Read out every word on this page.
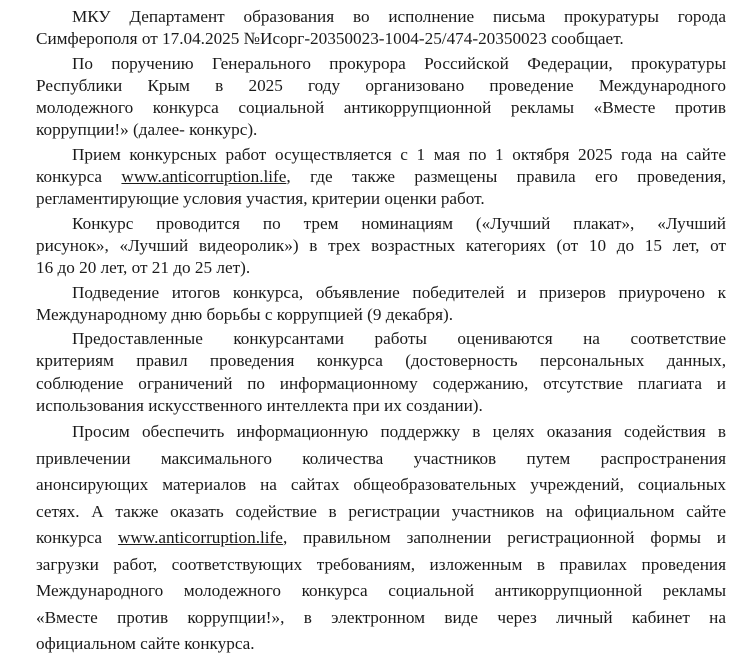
МКУ Департамент образования во исполнение письма прокуратуры города
Симферополя от 17.04.2025 №Исорг-20350023-1004-25/474-20350023 сообщает.

По поручению Генерального прокурора Российской Федерации, прокуратуры
Республики Крым в 2025 году организовано проведение Международного
молодежного конкурса социальной антикоррупционной рекламы «Вместе против
коррупции!» (далее- конкурс).

Прием конкурсных работ осуществляется с 1 мая по 1 октября 2025 года на сайте
конкурса www.anticorruption.life, где также размещены правила его проведения,
регламентирующие условия участия, критерии оценки работ.

Конкурс проводится по трем номинациям («Лучший плакат», «Лучший
рисунок», «Лучший видеоролик») в трех возрастных категориях (от 10 до 15 лет, от
16 до 20 лет, от 21 до 25 лет).

Подведение итогов конкурса, объявление победителей и призеров приурочено к
Международному дню борьбы с коррупцией (9 декабря).

Предоставленные конкурсантами работы оцениваются на соответствие
критериям правил проведения конкурса (достоверность персональных данных,
соблюдение ограничений по информационному содержанию, отсутствие плагиата и
использования искусственного интеллекта при их создании).

Просим обеспечить информационную поддержку в целях оказания содействия в
привлечении максимального количества участников путем распространения
анонсирующих материалов на сайтах общеобразовательных учреждений, социальных
сетях. А также оказать содействие в регистрации участников на официальном сайте
конкурса www.anticorruption.life, правильном заполнении регистрационной формы и
загрузки работ, соответствующих требованиям, изложенным в правилах проведения
Международного молодежного конкурса социальной антикоррупционной рекламы
«Вместе против коррупции!», в электронном виде через личный кабинет на
официальном сайте конкурса.
